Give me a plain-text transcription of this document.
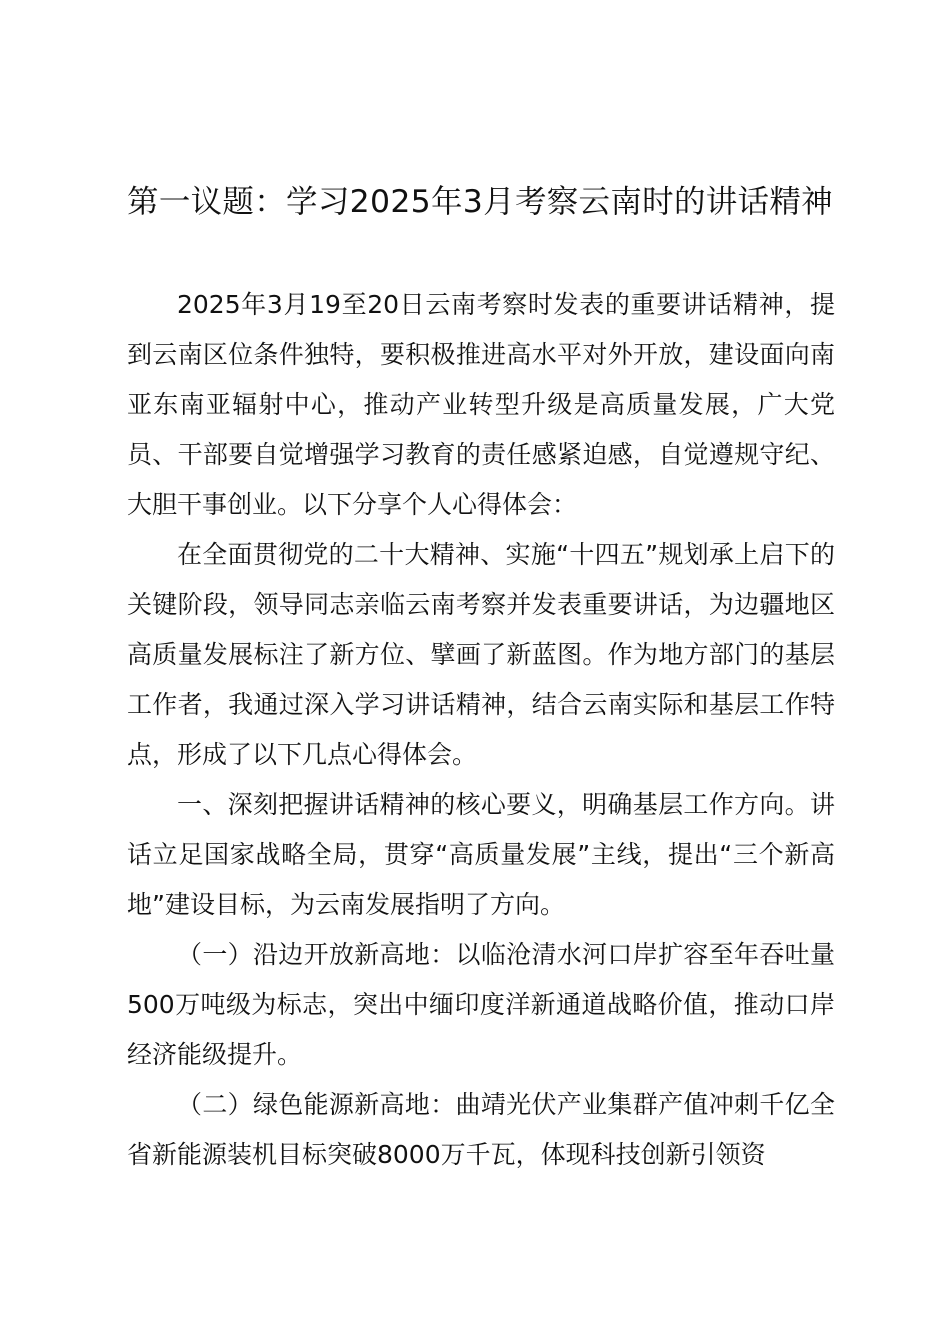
第一议题：学习2025年3月考察云南时的讲话精神

2025年3月19至20日云南考察时发表的重要讲话精神，提到云南区位条件独特，要积极推进高水平对外开放，建设面向南亚东南亚辐射中心，推动产业转型升级是高质量发展，广大党员、干部要自觉增强学习教育的责任感紧迫感，自觉遵规守纪、大胆干事创业。以下分享个人心得体会：

在全面贯彻党的二十大精神、实施“十四五”规划承上启下的关键阶段，领导同志亲临云南考察并发表重要讲话，为边疆地区高质量发展标注了新方位、擘画了新蓝图。作为地方部门的基层工作者，我通过深入学习讲话精神，结合云南实际和基层工作特点，形成了以下几点心得体会。

一、深刻把握讲话精神的核心要义，明确基层工作方向。讲话立足国家战略全局，贯穿“高质量发展”主线，提出“三个新高地”建设目标，为云南发展指明了方向。

（一）沿边开放新高地：以临沧清水河口岸扩容至年吞吐量500万吨级为标志，突出中缅印度洋新通道战略价值，推动口岸经济能级提升。

（二）绿色能源新高地：曲靖光伏产业集群产值冲刺千亿全省新能源装机目标突破8000万千瓦，体现科技创新引领资
